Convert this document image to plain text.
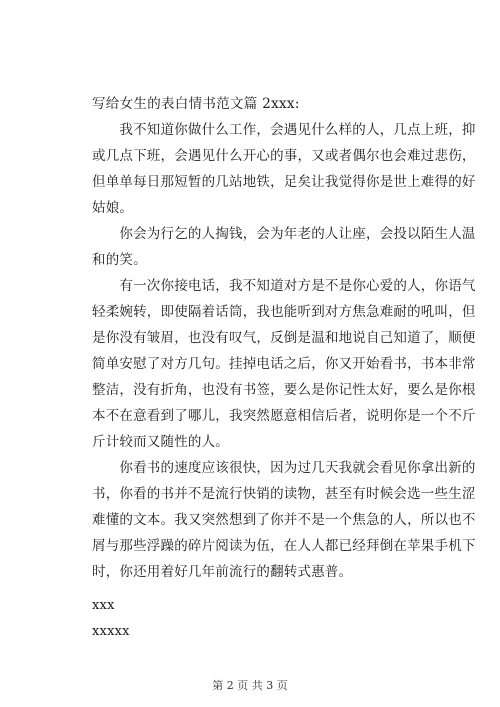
写给女生的表白情书范文篇 2xxx:
　　我不知道你做什么工作，会遇见什么样的人，几点上班，抑
或几点下班，会遇见什么开心的事，又或者偶尔也会难过悲伤，
但单单每日那短暂的几站地铁，足矣让我觉得你是世上难得的好
姑娘。
　　你会为行乞的人掏钱，会为年老的人让座，会投以陌生人温
和的笑。
　　有一次你接电话，我不知道对方是不是你心爱的人，你语气
轻柔婉转，即使隔着话筒，我也能听到对方焦急难耐的吼叫，但
是你没有皱眉，也没有叹气，反倒是温和地说自己知道了，顺便
简单安慰了对方几句。挂掉电话之后，你又开始看书，书本非常
整洁，没有折角，也没有书签，要么是你记性太好，要么是你根
本不在意看到了哪儿，我突然愿意相信后者，说明你是一个不斤
斤计较而又随性的人。
　　你看书的速度应该很快，因为过几天我就会看见你拿出新的
书，你看的书并不是流行快销的读物，甚至有时候会选一些生涩
难懂的文本。我又突然想到了你并不是一个焦急的人，所以也不
屑与那些浮躁的碎片阅读为伍，在人人都已经拜倒在苹果手机下
时，你还用着好几年前流行的翻转式惠普。
xxx
xxxxx
第 2 页 共 3 页
